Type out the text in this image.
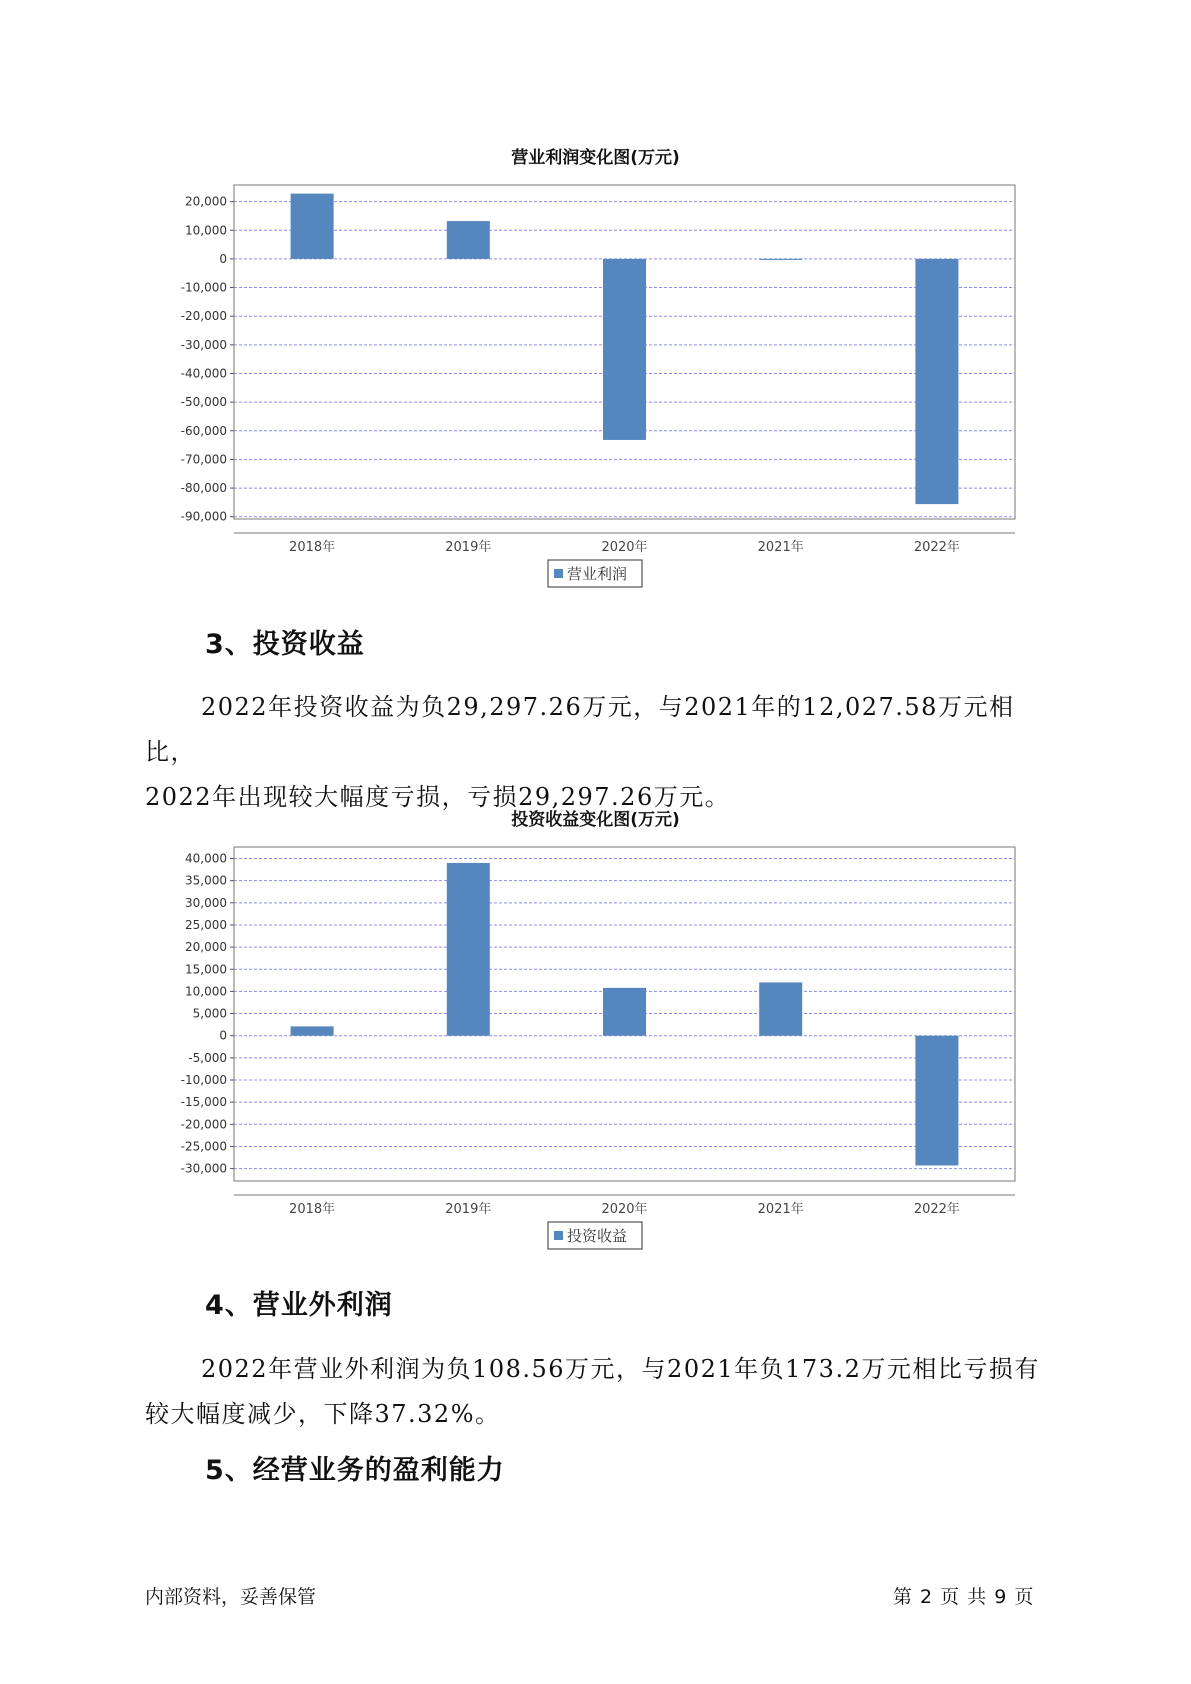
营业利润变化图(万元)
20,000
10,000
0
-10,000
-20,000
-30,000
-40,000
-50,000
-60,000
-70,000
-80,000
-90,000
2018年	2019年	2020年	2021年	2022年
营业利润
3、投资收益
2022年投资收益为负29,297.26万元，与2021年的12,027.58万元相比，
2022年出现较大幅度亏损，亏损29,297.26万元。
投资收益变化图(万元)
40,000
35,000
30,000
25,000
20,000
15,000
10,000
5,000
0
-5,000
-10,000
-15,000
-20,000
-25,000
-30,000
2018年	2019年	2020年	2021年	2022年
投资收益
4、营业外利润
2022年营业外利润为负108.56万元，与2021年负173.2万元相比亏损有
较大幅度减少，下降37.32%。
5、经营业务的盈利能力
内部资料，妥善保管	第 2 页 共 9 页
